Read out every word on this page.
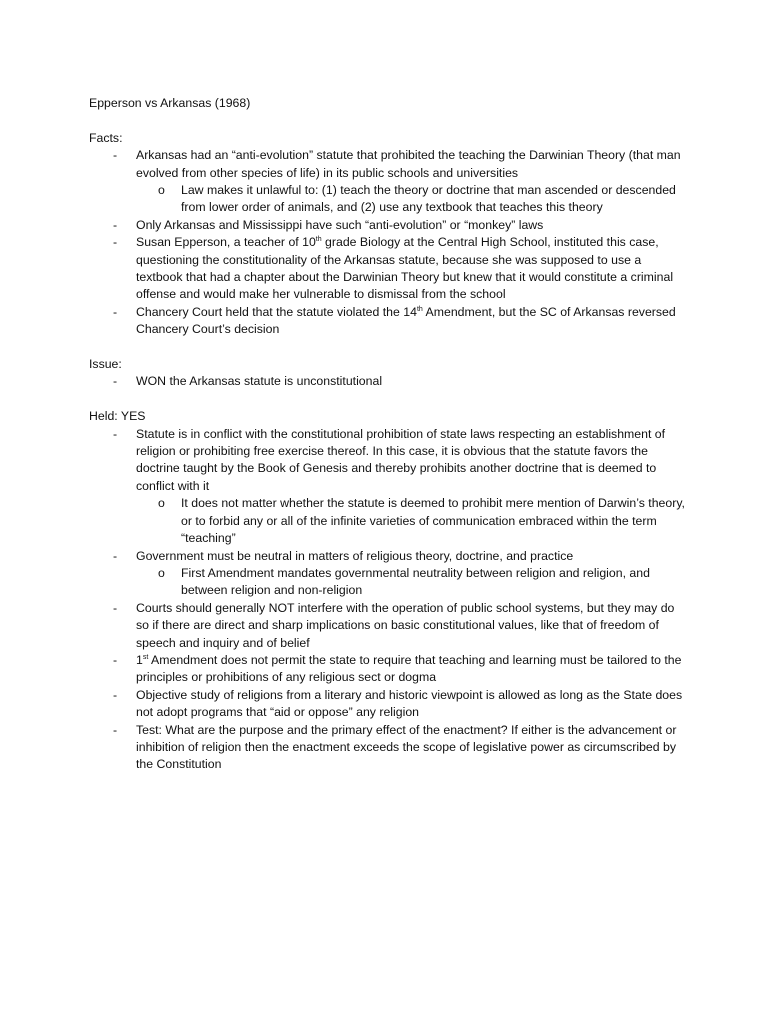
Epperson vs Arkansas (1968)

Facts:

- Arkansas had an “anti-evolution” statute that prohibited the teaching the Darwinian Theory (that man evolved from other species of life) in its public schools and universities
o Law makes it unlawful to: (1) teach the theory or doctrine that man ascended or descended from lower order of animals, and (2) use any textbook that teaches this theory
- Only Arkansas and Mississippi have such “anti-evolution” or “monkey” laws
- Susan Epperson, a teacher of 10th grade Biology at the Central High School, instituted this case, questioning the constitutionality of the Arkansas statute, because she was supposed to use a textbook that had a chapter about the Darwinian Theory but knew that it would constitute a criminal offense and would make her vulnerable to dismissal from the school
- Chancery Court held that the statute violated the 14th Amendment, but the SC of Arkansas reversed Chancery Court’s decision

Issue:

- WON the Arkansas statute is unconstitutional

Held: YES

- Statute is in conflict with the constitutional prohibition of state laws respecting an establishment of religion or prohibiting free exercise thereof. In this case, it is obvious that the statute favors the doctrine taught by the Book of Genesis and thereby prohibits another doctrine that is deemed to conflict with it
o It does not matter whether the statute is deemed to prohibit mere mention of Darwin’s theory, or to forbid any or all of the infinite varieties of communication embraced within the term “teaching”
- Government must be neutral in matters of religious theory, doctrine, and practice
o First Amendment mandates governmental neutrality between religion and religion, and between religion and non-religion
- Courts should generally NOT interfere with the operation of public school systems, but they may do so if there are direct and sharp implications on basic constitutional values, like that of freedom of speech and inquiry and of belief
- 1st Amendment does not permit the state to require that teaching and learning must be tailored to the principles or prohibitions of any religious sect or dogma
- Objective study of religions from a literary and historic viewpoint is allowed as long as the State does not adopt programs that “aid or oppose” any religion
- Test: What are the purpose and the primary effect of the enactment? If either is the advancement or inhibition of religion then the enactment exceeds the scope of legislative power as circumscribed by the Constitution
